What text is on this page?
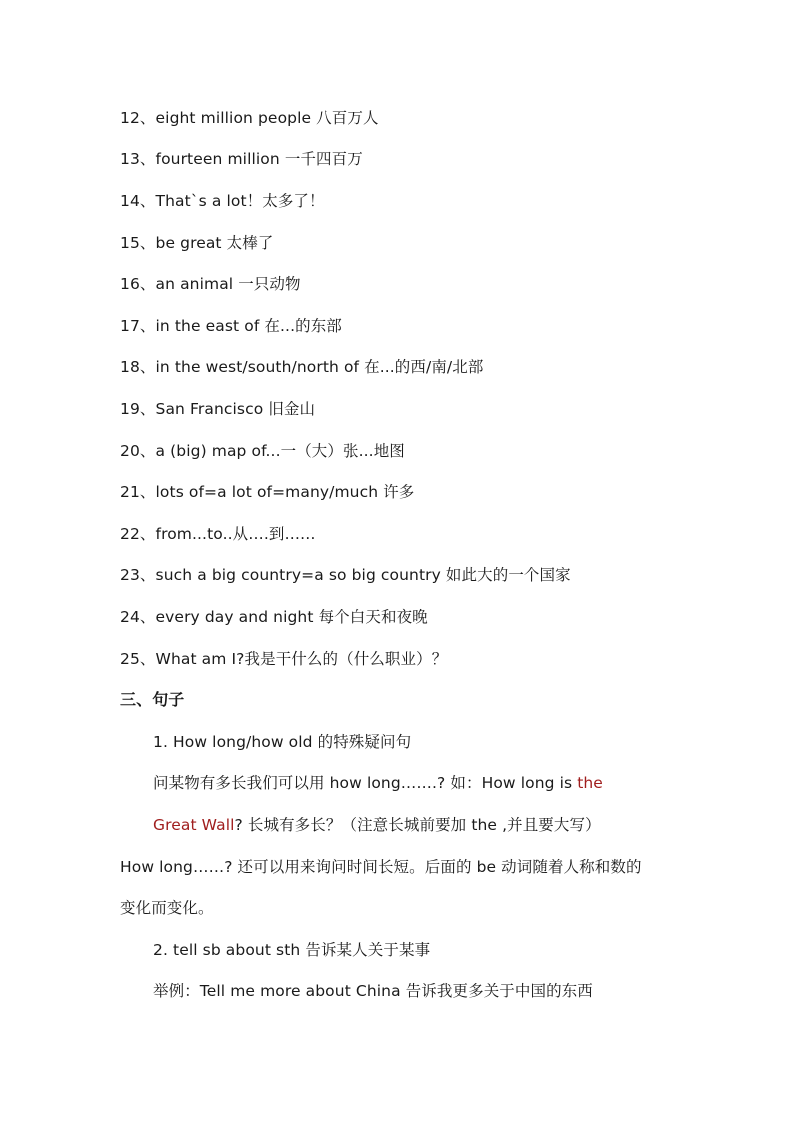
12、eight million people 八百万人
13、fourteen million 一千四百万
14、That`s a lot！太多了！
15、be great 太棒了
16、an animal 一只动物
17、in the east of 在...的东部
18、in the west/south/north of 在...的西/南/北部
19、San Francisco 旧金山
20、a (big) map of...一（大）张...地图
21、lots of=a lot of=many/much 许多
22、from...to..从….到……
23、such a big country=a so big country 如此大的一个国家
24、every day and night 每个白天和夜晚
25、What am I?我是干什么的（什么职业）？
三、句子
1. How long/how old 的特殊疑问句
问某物有多长我们可以用 how long…….? 如：How long is the
Great Wall? 长城有多长？（注意长城前要加 the ,并且要大写）
How long……? 还可以用来询问时间长短。后面的 be 动词随着人称和数的
变化而变化。
2. tell sb about sth 告诉某人关于某事
举例：Tell me more about China 告诉我更多关于中国的东西
